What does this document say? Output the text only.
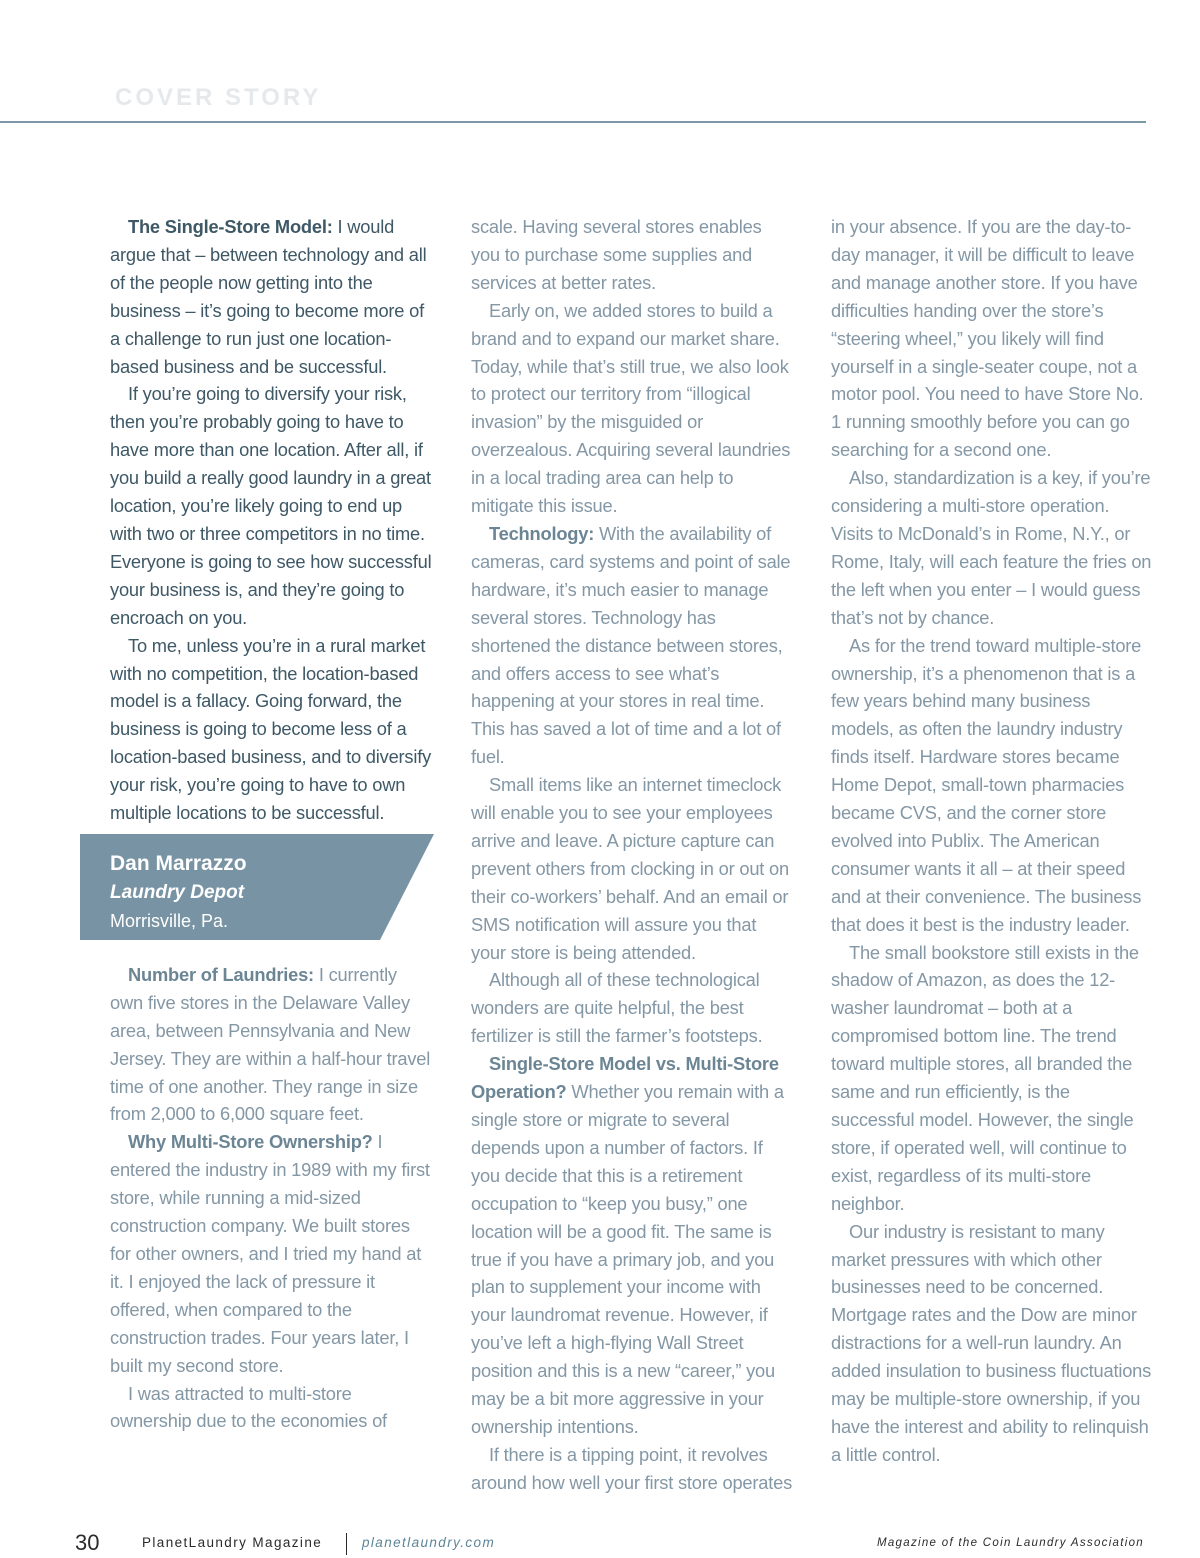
COVER STORY

The Single-Store Model: I would argue that – between technology and all of the people now getting into the business – it’s going to become more of a challenge to run just one location-based business and be successful.

If you’re going to diversify your risk, then you’re probably going to have to have more than one location. After all, if you build a really good laundry in a great location, you’re likely going to end up with two or three competitors in no time. Everyone is going to see how successful your business is, and they’re going to encroach on you.

To me, unless you’re in a rural market with no competition, the location-based model is a fallacy. Going forward, the business is going to become less of a location-based business, and to diversify your risk, you’re going to have to own multiple locations to be successful.

Number of Laundries: I currently own five stores in the Delaware Valley area, between Pennsylvania and New Jersey. They are within a half-hour travel time of one another. They range in size from 2,000 to 6,000 square feet.

Why Multi-Store Ownership? I entered the industry in 1989 with my first store, while running a mid-sized construction company. We built stores for other owners, and I tried my hand at it. I enjoyed the lack of pressure it offered, when compared to the construction trades. Four years later, I built my second store.

I was attracted to multi-store ownership due to the economies of

Dan Marrazzo
Laundry Depot
Morrisville, Pa.

scale. Having several stores enables you to purchase some supplies and services at better rates.

Early on, we added stores to build a brand and to expand our market share. Today, while that’s still true, we also look to protect our territory from “illogical invasion” by the misguided or overzealous. Acquiring several laundries in a local trading area can help to mitigate this issue.

Technology: With the availability of cameras, card systems and point of sale hardware, it’s much easier to manage several stores. Technology has shortened the distance between stores, and offers access to see what’s happening at your stores in real time. This has saved a lot of time and a lot of fuel.

Small items like an internet timeclock will enable you to see your employees arrive and leave. A picture capture can prevent others from clocking in or out on their co-workers’ behalf. And an email or SMS notification will assure you that your store is being attended.

Although all of these technological wonders are quite helpful, the best fertilizer is still the farmer’s footsteps.

Single-Store Model vs. Multi-Store Operation? Whether you remain with a single store or migrate to several depends upon a number of factors. If you decide that this is a retirement occupation to “keep you busy,” one location will be a good fit. The same is true if you have a primary job, and you plan to supplement your income with your laundromat revenue. However, if you’ve left a high-flying Wall Street position and this is a new “career,” you may be a bit more aggressive in your ownership intentions.

If there is a tipping point, it revolves around how well your first store operates

in your absence. If you are the day-to-day manager, it will be difficult to leave and manage another store. If you have difficulties handing over the store’s “steering wheel,” you likely will find yourself in a single-seater coupe, not a motor pool. You need to have Store No. 1 running smoothly before you can go searching for a second one.

Also, standardization is a key, if you’re considering a multi-store operation. Visits to McDonald’s in Rome, N.Y., or Rome, Italy, will each feature the fries on the left when you enter – I would guess that’s not by chance.

As for the trend toward multiple-store ownership, it’s a phenomenon that is a few years behind many business models, as often the laundry industry finds itself. Hardware stores became Home Depot, small-town pharmacies became CVS, and the corner store evolved into Publix. The American consumer wants it all – at their speed and at their convenience. The business that does it best is the industry leader.

The small bookstore still exists in the shadow of Amazon, as does the 12-washer laundromat – both at a compromised bottom line. The trend toward multiple stores, all branded the same and run efficiently, is the successful model. However, the single store, if operated well, will continue to exist, regardless of its multi-store neighbor.

Our industry is resistant to many market pressures with which other businesses need to be concerned. Mortgage rates and the Dow are minor distractions for a well-run laundry. An added insulation to business fluctuations may be multiple-store ownership, if you have the interest and ability to relinquish a little control.

30	PlanetLaundry Magazine	planetlaundry.com	Magazine of the Coin Laundry Association
